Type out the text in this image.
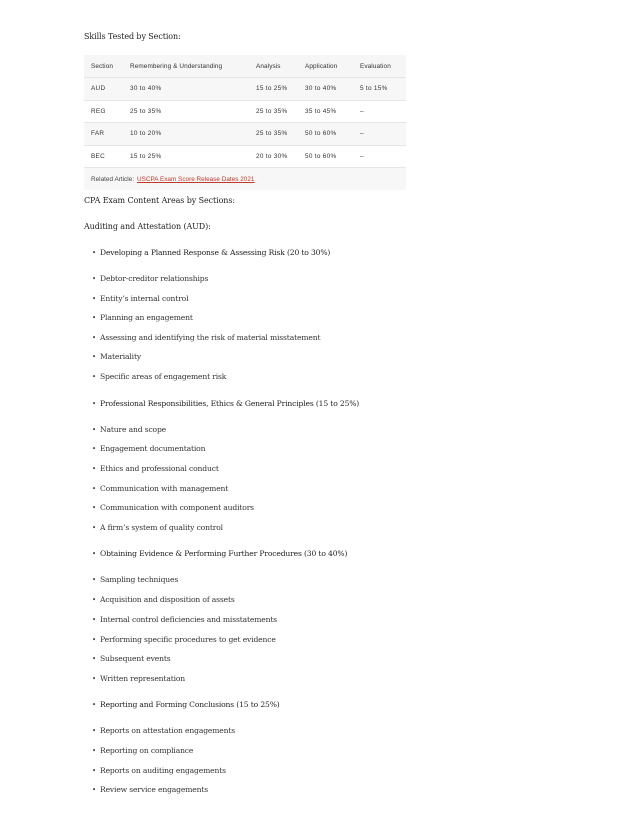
Skills Tested by Section:
Section	Remembering & Understanding	Analysis	Application	Evaluation
AUD	30 to 40%	15 to 25%	30 to 40%	5 to 15%
REG	25 to 35%	25 to 35%	35 to 45%	–
FAR	10 to 20%	25 to 35%	50 to 60%	–
BEC	15 to 25%	20 to 30%	50 to 60%	–
Related Article: USCPA Exam Score Release Dates 2021
CPA Exam Content Areas by Sections:
Auditing and Attestation (AUD):
• Developing a Planned Response & Assessing Risk (20 to 30%)
• Debtor-creditor relationships
• Entity’s internal control
• Planning an engagement
• Assessing and identifying the risk of material misstatement
• Materiality
• Specific areas of engagement risk
• Professional Responsibilities, Ethics & General Principles (15 to 25%)
• Nature and scope
• Engagement documentation
• Ethics and professional conduct
• Communication with management
• Communication with component auditors
• A firm’s system of quality control
• Obtaining Evidence & Performing Further Procedures (30 to 40%)
• Sampling techniques
• Acquisition and disposition of assets
• Internal control deficiencies and misstatements
• Performing specific procedures to get evidence
• Subsequent events
• Written representation
• Reporting and Forming Conclusions (15 to 25%)
• Reports on attestation engagements
• Reporting on compliance
• Reports on auditing engagements
• Review service engagements
